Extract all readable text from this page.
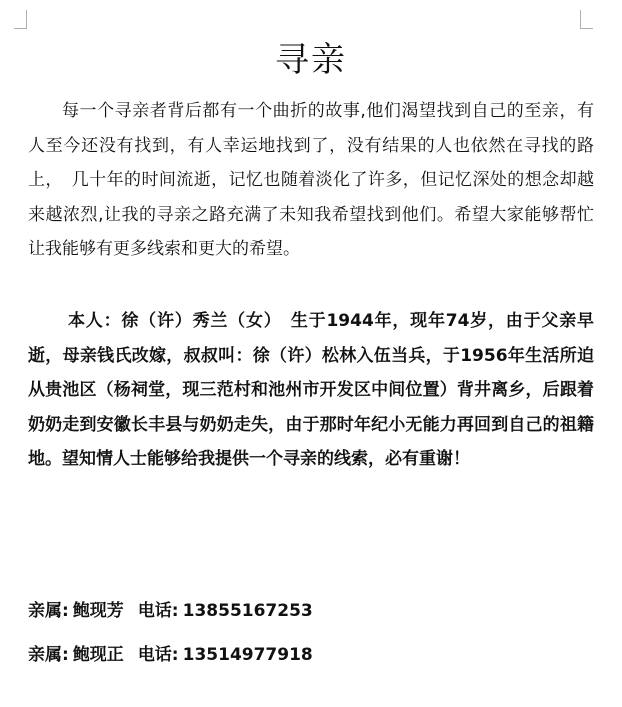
寻亲

每一个寻亲者背后都有一个曲折的故事,他们渴望找到自己的至亲，有人至今还没有找到，有人幸运地找到了，没有结果的人也依然在寻找的路上，　几十年的时间流逝，记忆也随着淡化了许多，但记忆深处的想念却越来越浓烈,让我的寻亲之路充满了未知我希望找到他们。希望大家能够帮忙让我能够有更多线索和更大的希望。

本人：徐（许）秀兰（女）　生于1944年，现年74岁，由于父亲早逝，母亲钱氏改嫁，叔叔叫：徐（许）松林入伍当兵，于1956年生活所迫从贵池区（杨祠堂，现三范村和池州市开发区中间位置）背井离乡，后跟着奶奶走到安徽长丰县与奶奶走失，由于那时年纪小无能力再回到自己的祖籍地。望知情人士能够给我提供一个寻亲的线索，必有重谢！

亲属: 鲍现芳 电话: 13855167253
亲属: 鲍现正 电话: 13514977918
